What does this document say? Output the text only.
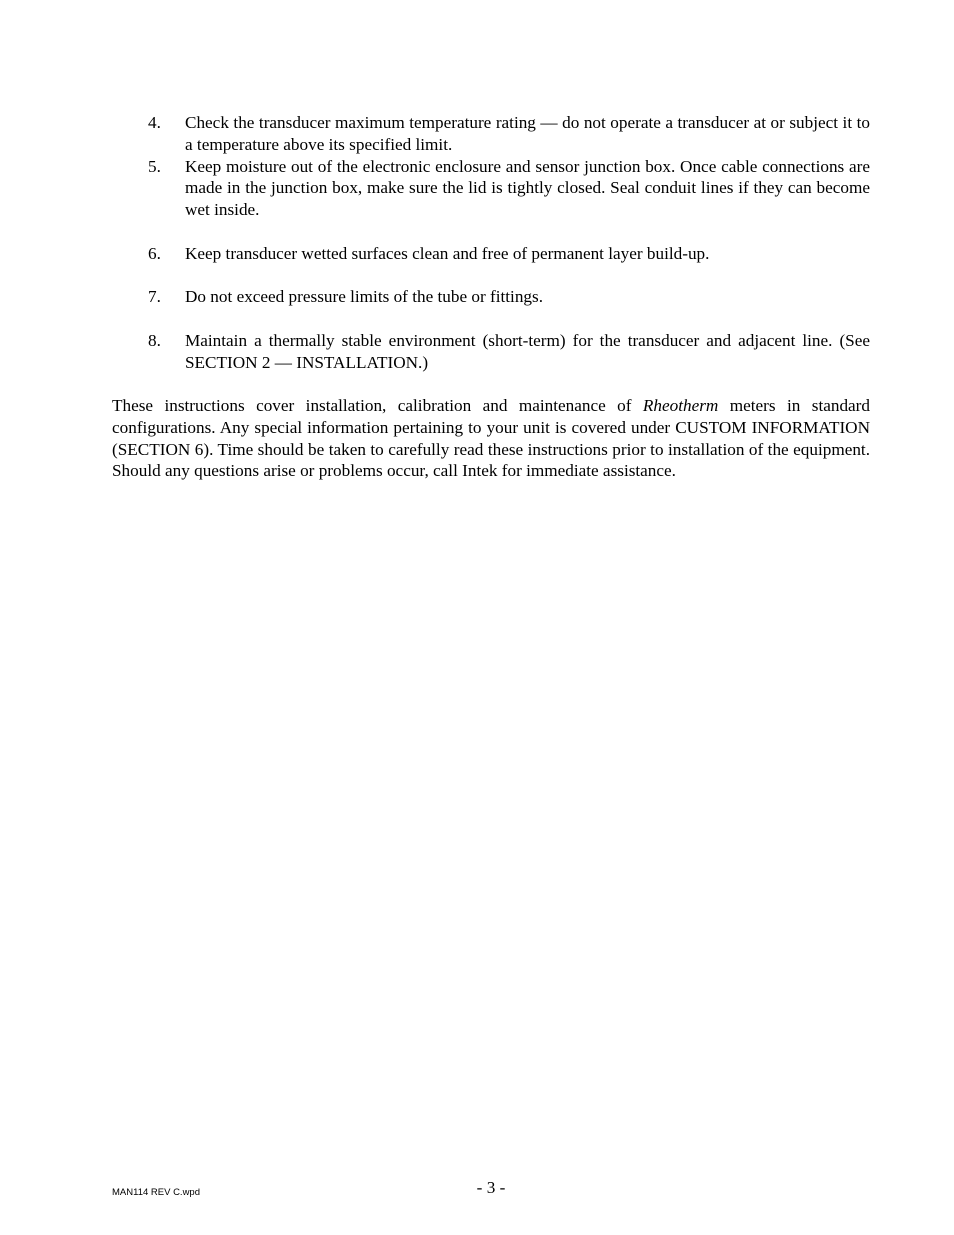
4.	Check the transducer maximum temperature rating — do not operate a transducer at or subject it to a temperature above its specified limit.
5.	Keep moisture out of the electronic enclosure and sensor junction box. Once cable connections are made in the junction box, make sure the lid is tightly closed. Seal conduit lines if they can become wet inside.
6.	Keep transducer wetted surfaces clean and free of permanent layer build-up.
7.	Do not exceed pressure limits of the tube or fittings.
8.	Maintain a thermally stable environment (short-term) for the transducer and adjacent line. (See SECTION 2 — INSTALLATION.)

These instructions cover installation, calibration and maintenance of Rheotherm meters in standard configurations. Any special information pertaining to your unit is covered under CUSTOM INFORMATION (SECTION 6). Time should be taken to carefully read these instructions prior to installation of the equipment. Should any questions arise or problems occur, call Intek for immediate assistance.

MAN114 REV C.wpd	- 3 -
